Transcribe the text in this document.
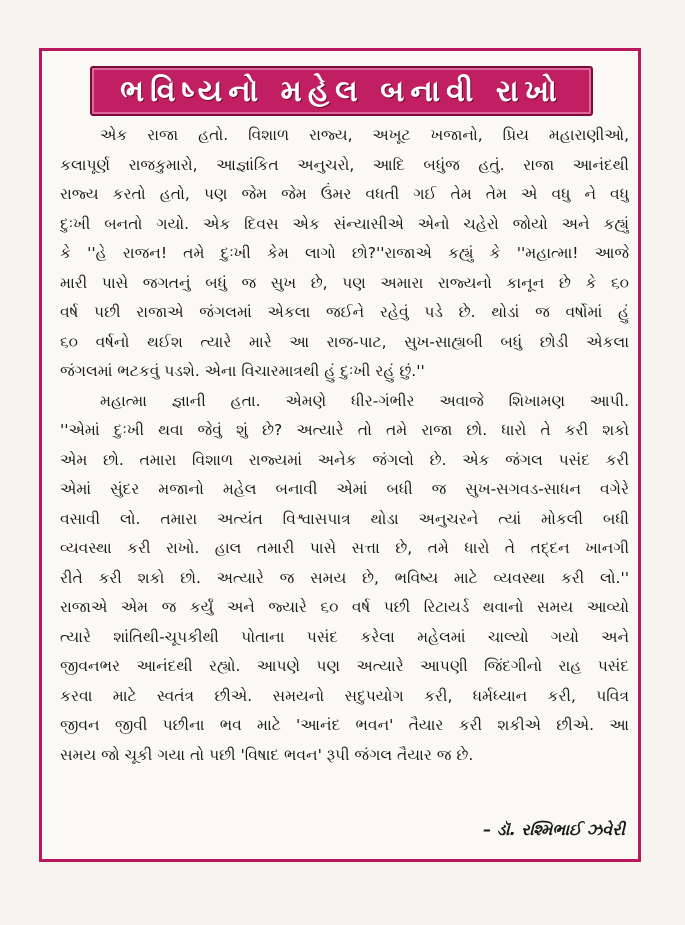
ભવિષ્યનો મહેલ બનાવી રાખો
એક રાજા હતો. વિશાળ રાજ્ય, અખૂટ ખજાનો, પ્રિય મહારાણીઓ,
કલાપૂર્ણ રાજકુમારો, આજ્ઞાંકિત અનુચરો, આદિ બધુંજ હતું. રાજા આનંદથી
રાજ્ય કરતો હતો, પણ જેમ જેમ ઉંમર વધતી ગઈ તેમ તેમ એ વધુ ને વધુ
દુઃખી બનતો ગયો. એક દિવસ એક સંન્યાસીએ એનો ચહેરો જોયો અને કહ્યું
કે ''હે રાજન! તમે દુઃખી કેમ લાગો છો?''રાજાએ કહ્યું કે ''મહાત્મા! આજે
મારી પાસે જગતનું બધું જ સુખ છે, પણ અમારા રાજ્યનો કાનૂન છે કે ૬૦
વર્ષ પછી રાજાએ જંગલમાં એકલા જઈને રહેવું પડે છે. થોડાં જ વર્ષોમાં હું
૬૦ વર્ષનો થઈશ ત્યારે મારે આ રાજ-પાટ, સુખ-સાહ્યબી બધું છોડી એકલા
જંગલમાં ભટકવું પડશે. એના વિચારમાત્રથી હું દુઃખી રહું છું.''
મહાત્મા જ્ઞાની હતા. એમણે ધીર-ગંભીર અવાજે શિખામણ આપી.
''એમાં દુઃખી થવા જેવું શું છે? અત્યારે તો તમે રાજા છો. ધારો તે કરી શકો
એમ છો. તમારા વિશાળ રાજ્યમાં અનેક જંગલો છે. એક જંગલ પસંદ કરી
એમાં સુંદર મજાનો મહેલ બનાવી એમાં બધી જ સુખ-સગવડ-સાધન વગેરે
વસાવી લો. તમારા અત્યંત વિશ્વાસપાત્ર થોડા અનુચરને ત્યાં મોકલી બધી
વ્યવસ્થા કરી રાખો. હાલ તમારી પાસે સત્તા છે, તમે ધારો તે તદ્દન ખાનગી
રીતે કરી શકો છો. અત્યારે જ સમય છે, ભવિષ્ય માટે વ્યવસ્થા કરી લો.''
રાજાએ એમ જ કર્યું અને જ્યારે ૬૦ વર્ષ પછી રિટાયર્ડ થવાનો સમય આવ્યો
ત્યારે શાંતિથી-ચૂપકીથી પોતાના પસંદ કરેલા મહેલમાં ચાલ્યો ગયો અને
જીવનભર આનંદથી રહ્યો. આપણે પણ અત્યારે આપણી જિંદગીનો રાહ પસંદ
કરવા માટે સ્વતંત્ર છીએ. સમયનો સદુપયોગ કરી, ધર્મધ્યાન કરી, પવિત્ર
જીવન જીવી પછીના ભવ માટે 'આનંદ ભવન' તૈયાર કરી શકીએ છીએ. આ
સમય જો ચૂકી ગયા તો પછી 'વિષાદ ભવન' રૂપી જંગલ તૈયાર જ છે.
– ડૉ. રશ્મિભાઈ ઝવેરી
